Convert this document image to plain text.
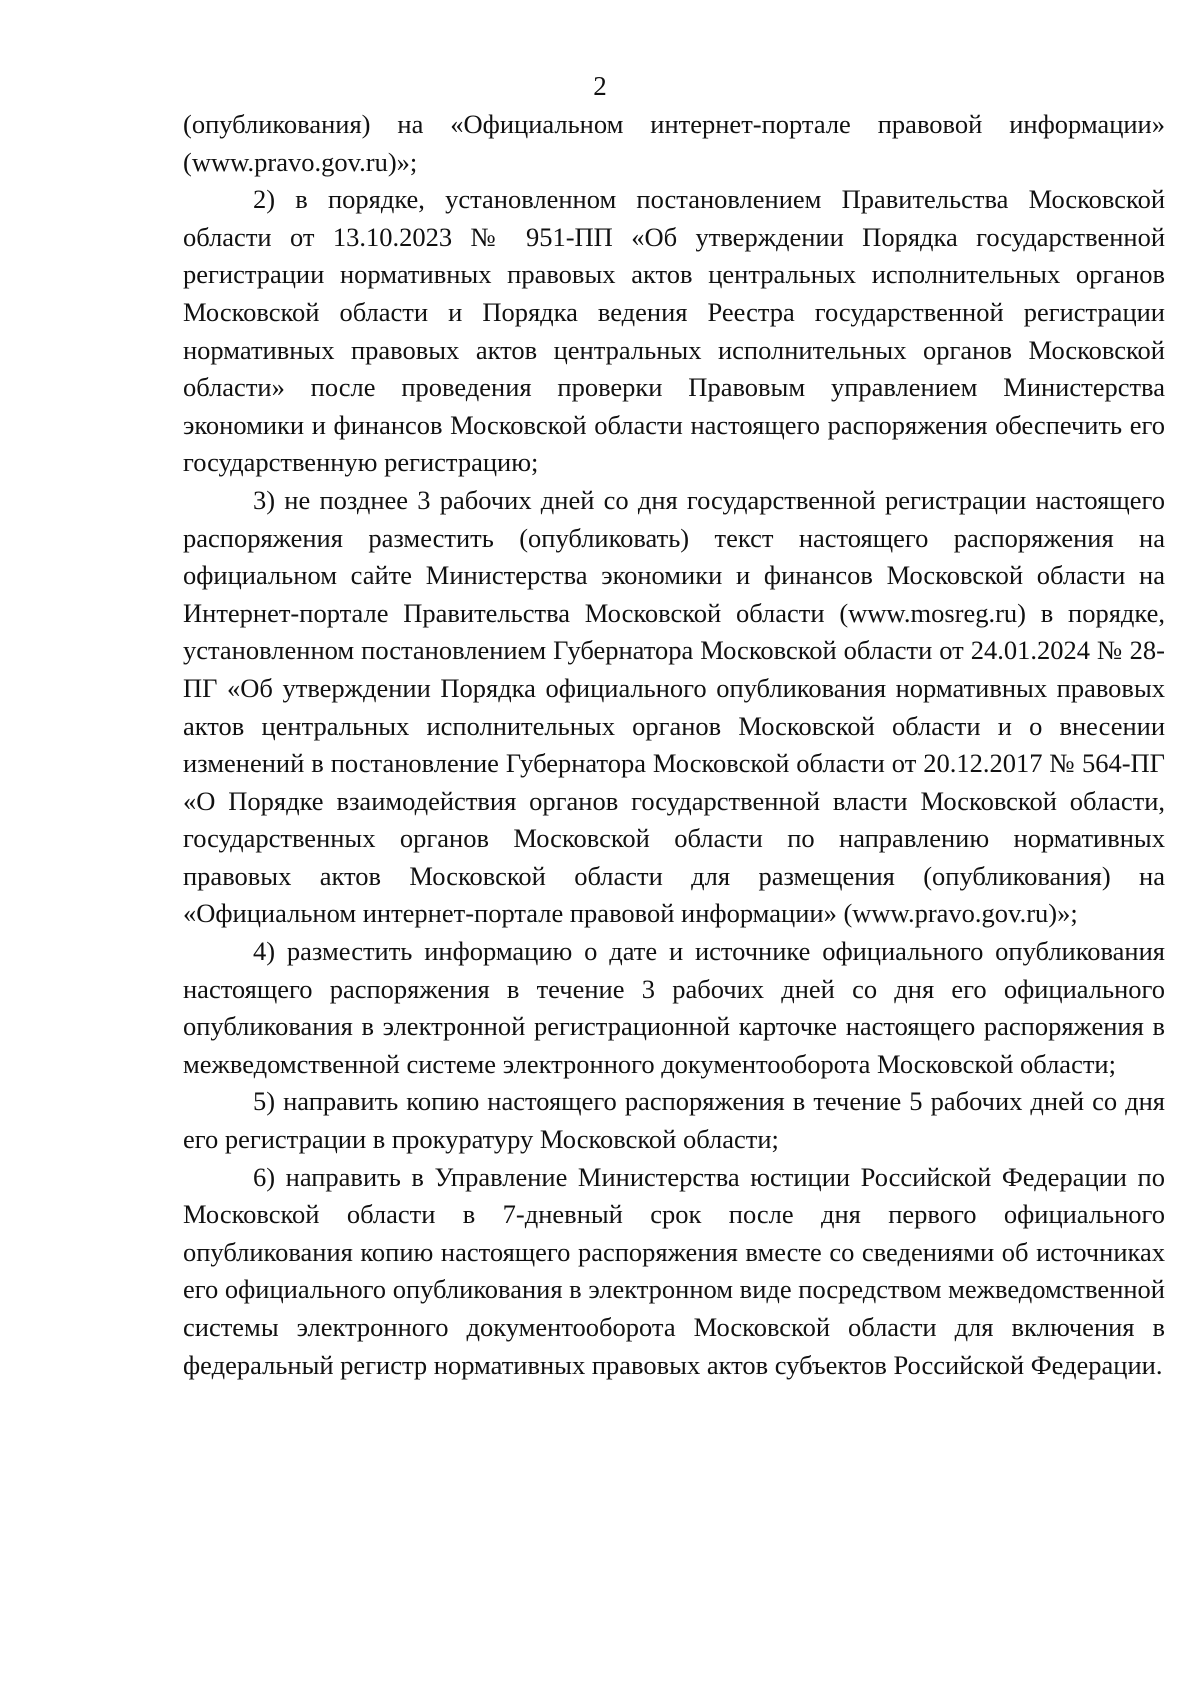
2

(опубликования) на «Официальном интернет-портале правовой информации» (www.pravo.gov.ru)»;

2) в порядке, установленном постановлением Правительства Московской области от 13.10.2023 № 951-ПП «Об утверждении Порядка государственной регистрации нормативных правовых актов центральных исполнительных органов Московской области и Порядка ведения Реестра государственной регистрации нормативных правовых актов центральных исполнительных органов Московской области» после проведения проверки Правовым управлением Министерства экономики и финансов Московской области настоящего распоряжения обеспечить его государственную регистрацию;

3) не позднее 3 рабочих дней со дня государственной регистрации настоящего распоряжения разместить (опубликовать) текст настоящего распоряжения на официальном сайте Министерства экономики и финансов Московской области на Интернет-портале Правительства Московской области (www.mosreg.ru) в порядке, установленном постановлением Губернатора Московской области от 24.01.2024 № 28-ПГ «Об утверждении Порядка официального опубликования нормативных правовых актов центральных исполнительных органов Московской области и о внесении изменений в постановление Губернатора Московской области от 20.12.2017 № 564-ПГ «О Порядке взаимодействия органов государственной власти Московской области, государственных органов Московской области по направлению нормативных правовых актов Московской области для размещения (опубликования) на «Официальном интернет-портале правовой информации» (www.pravo.gov.ru)»;

4) разместить информацию о дате и источнике официального опубликования настоящего распоряжения в течение 3 рабочих дней со дня его официального опубликования в электронной регистрационной карточке настоящего распоряжения в межведомственной системе электронного документооборота Московской области;

5) направить копию настоящего распоряжения в течение 5 рабочих дней со дня его регистрации в прокуратуру Московской области;

6) направить в Управление Министерства юстиции Российской Федерации по Московской области в 7-дневный срок после дня первого официального опубликования копию настоящего распоряжения вместе со сведениями об источниках его официального опубликования в электронном виде посредством межведомственной системы электронного документооборота Московской области для включения в федеральный регистр нормативных правовых актов субъектов Российской Федерации.
